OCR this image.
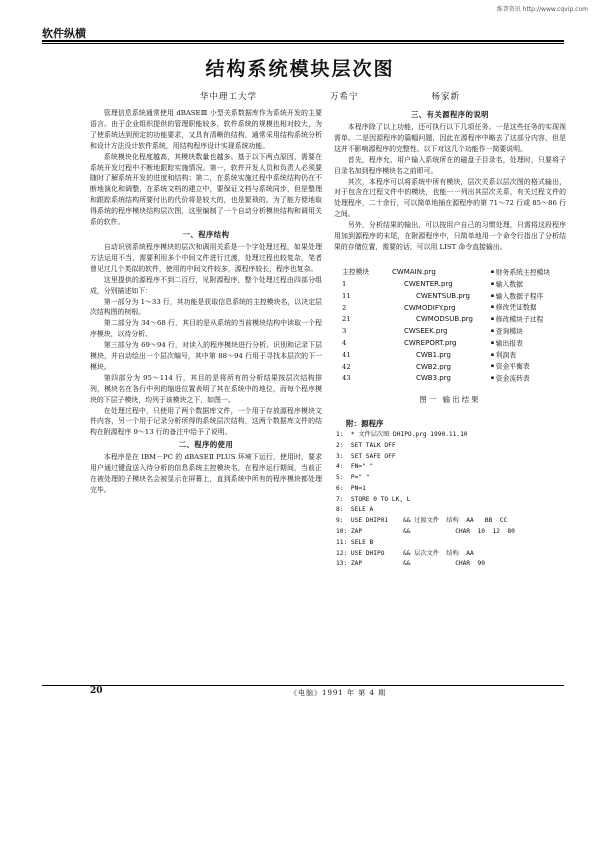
维普资讯 http://www.cqvip.com
软件纵横
结构系统模块层次图
华中理工大学	万希宁	杨家新

管理信息系统通常使用 dBASEⅢ 小型关系数据库作为系统开发的主要语言。由于企业组织提供的管理职能较多，软件系统的规模也相对较大，为了使系统达到预定的功能要求，又具有清晰的结构，通常采用结构系统分析和设计方法设计软件系统，用结构程序设计实现系统功能。

系统模块化程度越高，其模块数量也越多。基于以下两点原因，需要在系统开发过程中不断地跟踪实施情况。第一，软件开发人员和负责人必须要随时了解系统开发的进度和结构；第二，在系统实施过程中系统结构仍在不断地演化和调整，在系统文档的建立中，要保证文档与系统同步，但是整理和跟踪系统结构所要付出的代价将是较大的，也是繁琐的。为了能方便地取得系统的程序模块结构层次图，这里编制了一个自动分析模块结构和调用关系的软件。

一、程序结构

自动识别系统程序模块的层次和调用关系是一个字处理过程，如果处理方法运用不当，需要利用多个中间文件进行过渡，处理过程也较复杂，笔者曾见过几个类似的软件，使用的中间文件较多，源程序较长，程序也复杂。

这里提供的源程序不到二百行，见附源程序，整个处理过程由四部分组成，分别描述如下：

第一部分为 1～33 行，其功能是获取信息系统的主控模块名，以决定层次结构图的树根。

第二部分为 34～68 行，其目的是从系统的当前模块结构中读取一个程序模块，以待分析。

第三部分为 69～94 行，对读入的程序模块进行分析、识别和记录下层模块，并自动绘出一个层次编号，其中第 88～94 行用于寻找本层次的下一模块。

第四部分为 95～114 行，其目的是将所有的分析结果按层次结构排列，模块名在各行中列的缩进位置表明了其在系统中的地位，而每个程序模块的下层子模块，均列于该模块之下，如图一。

在处理过程中，只使用了两个数据库文件，一个用于存放源程序模块文件内容，另一个用于记录分析所得的系统层次结构，这两个数据库文件的结构在附源程序 9～13 行的备注中给予了说明。

二、程序的使用

本程序是在 IBM－PC 的 dBASEⅡ PLUS 环境下运行，使用时，要求用户通过键盘送入待分析的信息系统主控模块名，在程序运行期间，当前正在被处理的子模块名会被显示在屏幕上，直到系统中所有的程序模块都处理完毕。

三、有关源程序的说明

本程序除了以上功能，还可执行以下几项任务。一是这些任务的实现视需单。二是因源程序的篇幅问题，因此在源程序中略去了这部分内容，但是这并不影响源程序的完整性。以下对这几个功能作一简要说明。

首先，程序允，用户输入系统所在的磁盘子目录名，处理时，只要将子目录名加到程序模块名之前即可。

其次，本程序可以将系统中所有模块，层次关系以层次图的格式输出，对于包含在过程文件中的模块，也能一一列出其层次关系，有关过程文件的处理程序，二十余行，可以简单地插在源程序的第 71～72 行或 85～86 行之间。

另外，分析结果的输出，可以按用户自己的习惯处理，只需将这段程序用加到源程序的末尾，在附源程序中，只简单地用一个命令行指出了分析结果的存储位置，需要的话，可以用 LIST 命令直接输出。

主控模块	CWMAIN.prg	▪ 财务系统主控模块
1	CWENTER.prg	▪ 输入数据
11	CWENTSUB.prg	▪ 输入数据子程序
2	CWMODIFY.prg	▪ 修改凭证数据
21	CWMODSUB.prg	▪ 修改模块子过程
3	CWSEEK.prg	▪ 查询模块
4	CWREPORT.prg	▪ 输出报表
41	CWB1.prg	▪ 利润表
42	CWB2.prg	▪ 资金平衡表
43	CWB3.prg	▪ 资金流转表
图一 输出结果
附：源程序
1:  * 文件层次图 DHIPO.prg 1990.11.10
2:  SET TALK OFF
3:  SET SAFE OFF
4:  FN=" "
5:  P=" "
6:  PN=1
7:  STORE 0 TO LK, L
8:  SELE A
9:  USE DHIP01    && 过渡文件  结构  AA   BB  CC
10: ZAP           &&            CHAR  10  12  80
11: SELE B
12: USE DHIPO     && 层次文件  结构  AA
13: ZAP           &&            CHAR  90
20	《电脑》1991 年 第 4 期
